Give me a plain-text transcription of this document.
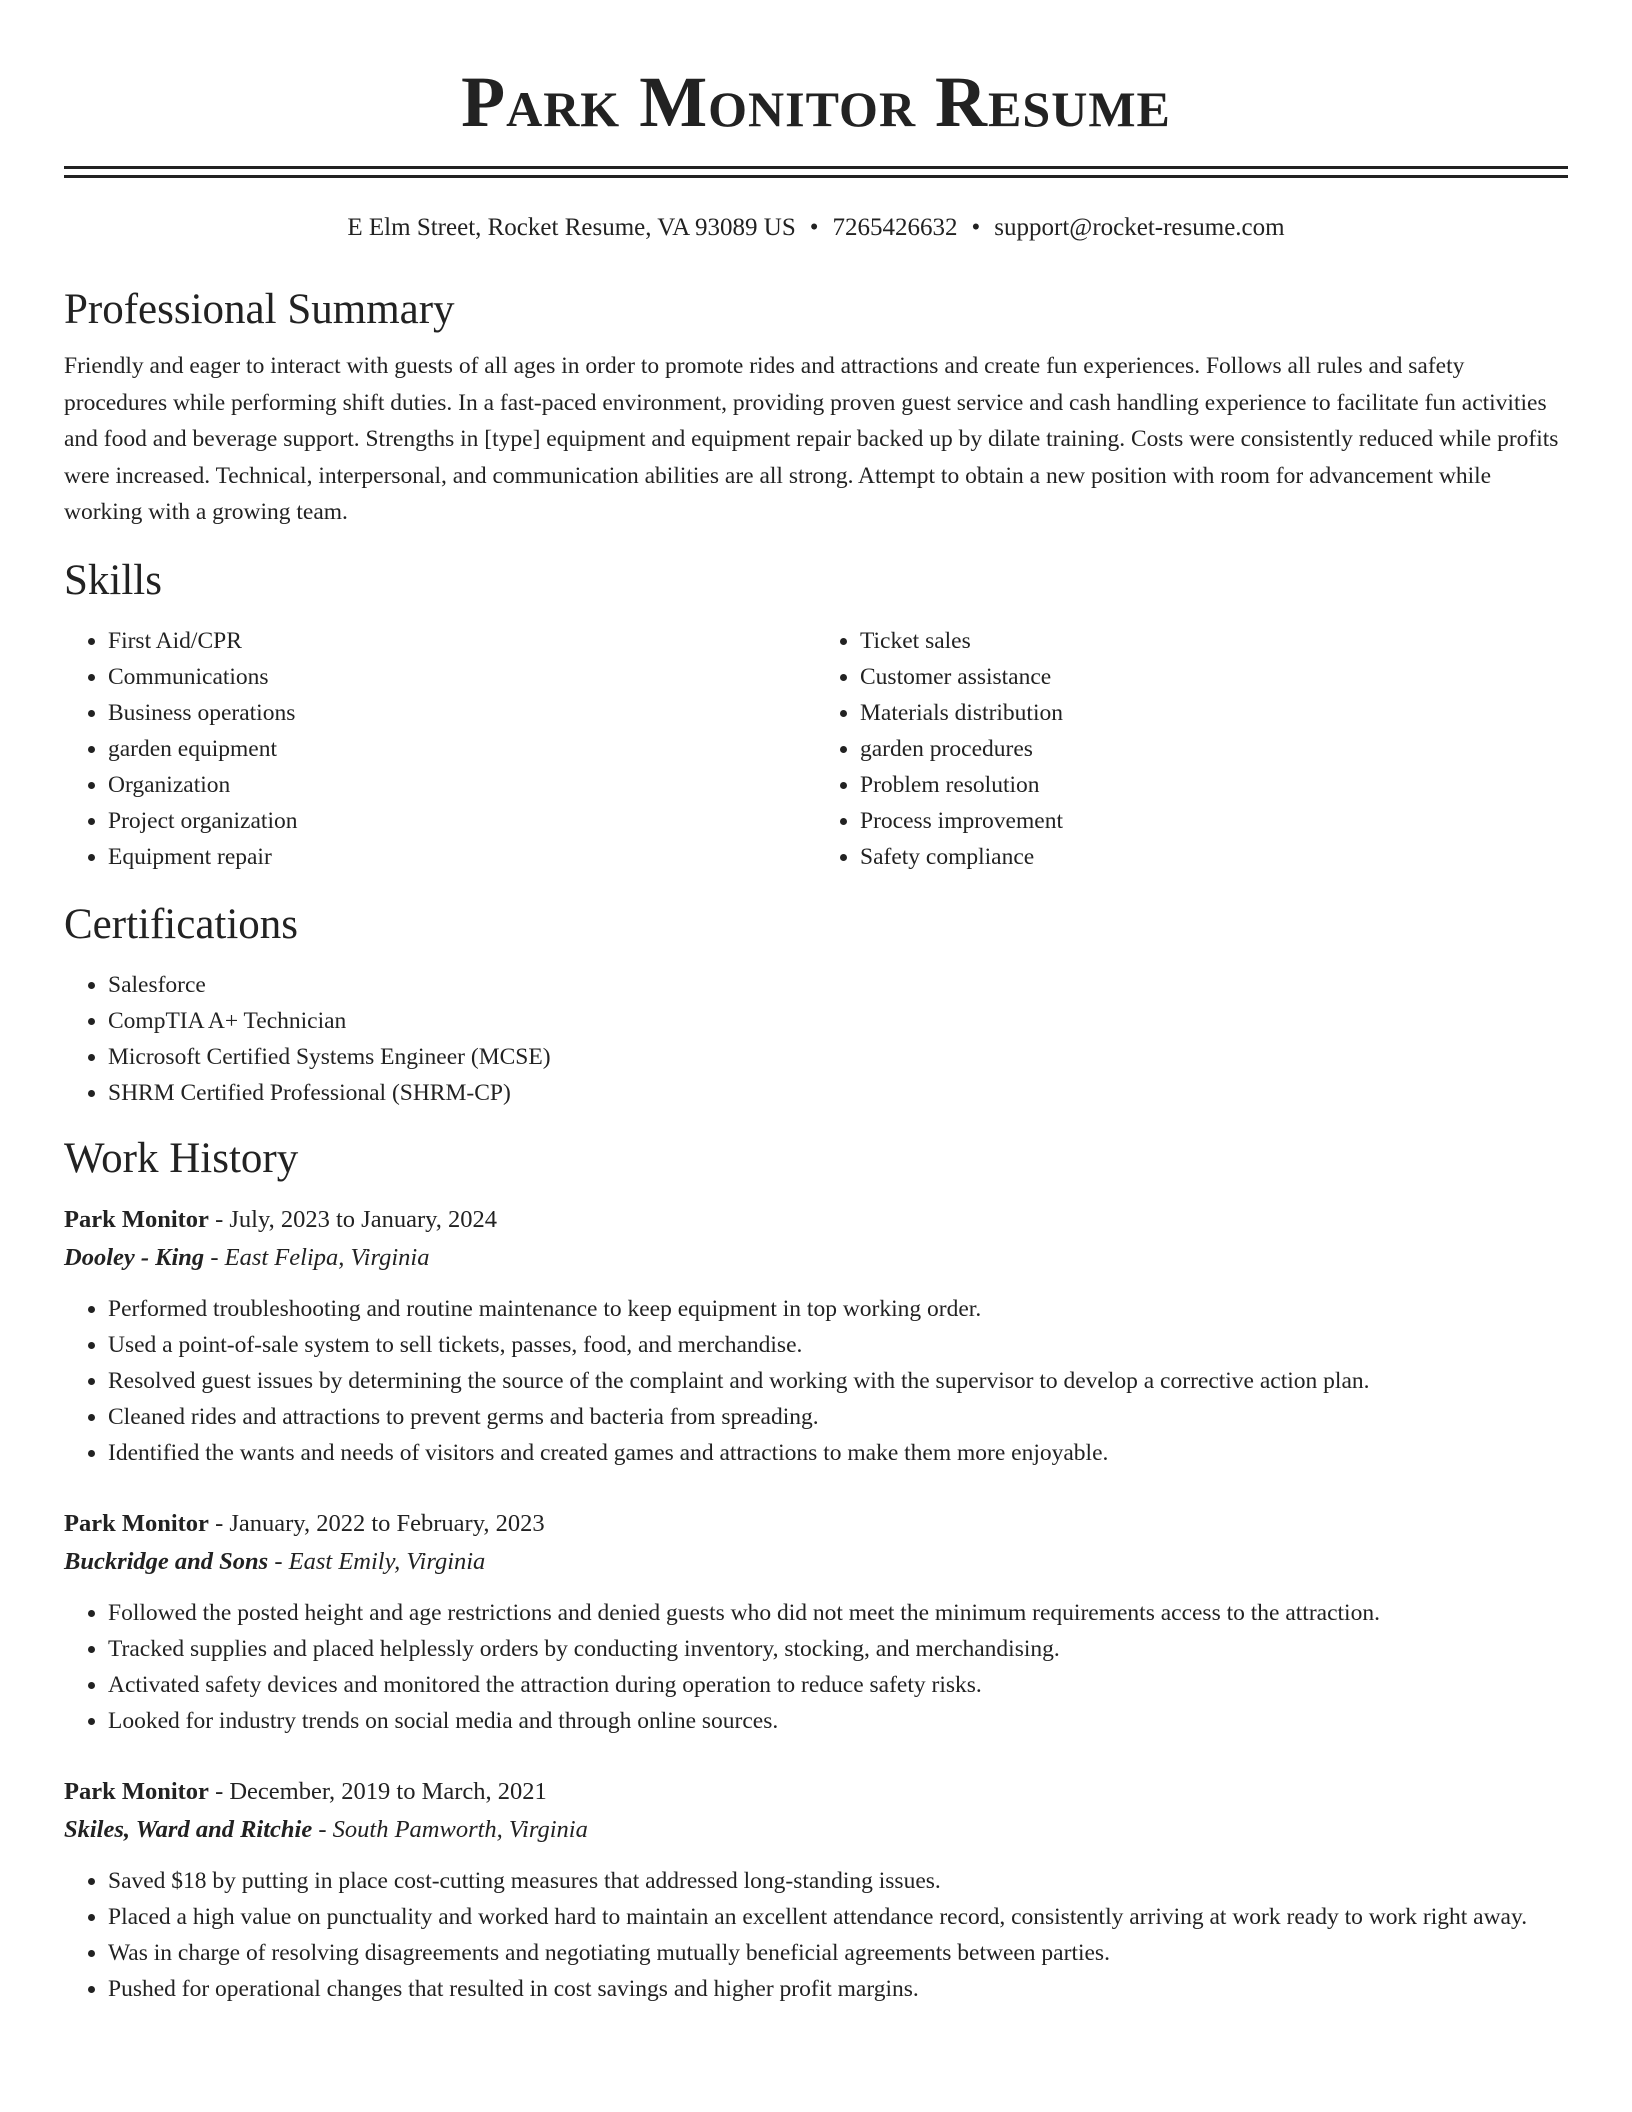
Park Monitor Resume
E Elm Street, Rocket Resume, VA 93089 US • 7265426632 • support@rocket-resume.com
Professional Summary

Friendly and eager to interact with guests of all ages in order to promote rides and attractions and create fun experiences. Follows all rules and safety procedures while performing shift duties. In a fast-paced environment, providing proven guest service and cash handling experience to facilitate fun activities and food and beverage support. Strengths in [type] equipment and equipment repair backed up by dilate training. Costs were consistently reduced while profits were increased. Technical, interpersonal, and communication abilities are all strong. Attempt to obtain a new position with room for advancement while working with a growing team.

Skills
• First Aid/CPR
• Communications
• Business operations
• garden equipment
• Organization
• Project organization
• Equipment repair
• Ticket sales
• Customer assistance
• Materials distribution
• garden procedures
• Problem resolution
• Process improvement
• Safety compliance
Certifications
• Salesforce
• CompTIA A+ Technician
• Microsoft Certified Systems Engineer (MCSE)
• SHRM Certified Professional (SHRM-CP)
Work History
Park Monitor - July, 2023 to January, 2024
Dooley - King - East Felipa, Virginia
• Performed troubleshooting and routine maintenance to keep equipment in top working order.
• Used a point-of-sale system to sell tickets, passes, food, and merchandise.
• Resolved guest issues by determining the source of the complaint and working with the supervisor to develop a corrective action plan.
• Cleaned rides and attractions to prevent germs and bacteria from spreading.
• Identified the wants and needs of visitors and created games and attractions to make them more enjoyable.
Park Monitor - January, 2022 to February, 2023
Buckridge and Sons - East Emily, Virginia
• Followed the posted height and age restrictions and denied guests who did not meet the minimum requirements access to the attraction.
• Tracked supplies and placed helplessly orders by conducting inventory, stocking, and merchandising.
• Activated safety devices and monitored the attraction during operation to reduce safety risks.
• Looked for industry trends on social media and through online sources.
Park Monitor - December, 2019 to March, 2021
Skiles, Ward and Ritchie - South Pamworth, Virginia
• Saved $18 by putting in place cost-cutting measures that addressed long-standing issues.
• Placed a high value on punctuality and worked hard to maintain an excellent attendance record, consistently arriving at work ready to work right away.
• Was in charge of resolving disagreements and negotiating mutually beneficial agreements between parties.
• Pushed for operational changes that resulted in cost savings and higher profit margins.
